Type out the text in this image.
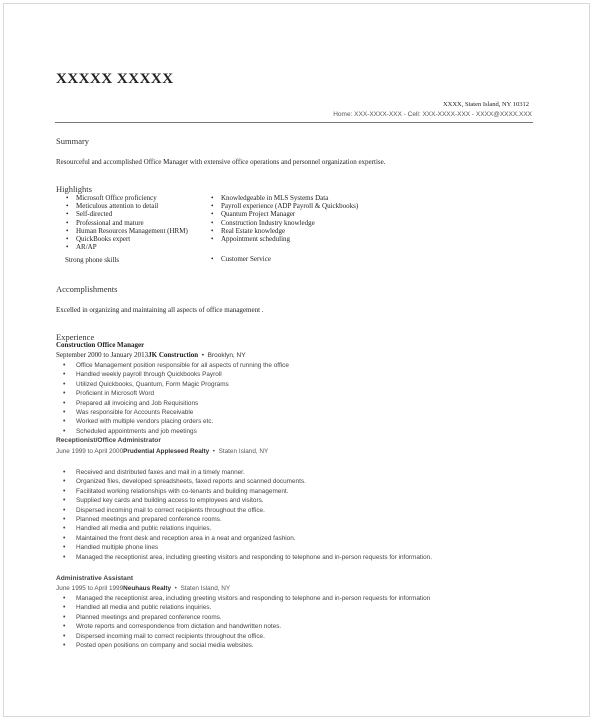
XXXXX XXXXX
XXXX, Staten Island, NY 10312
Home: XXX-XXXX-XXX - Cell: XXX-XXXX-XXX - XXXX@XXXX.XXX
Summary
Resourceful and accomplished Office Manager with extensive office operations and personnel organization expertise.
Highlights
• Microsoft Office proficiency
• Meticulous attention to detail
• Self-directed
• Professional and mature
• Human Resources Management (HRM)
• QuickBooks expert
• AR/AP
Strong phone skills
• Knowledgeable in MLS Systems Data
• Payroll experience (ADP Payroll & Quickbooks)
• Quantum Project Manager
• Construction Industry knowledge
• Real Estate knowledge
• Appointment scheduling
• Customer Service
Accomplishments
Excelled in organizing and maintaining all aspects of office management .
Experience
Construction Office Manager
September 2000 to January 2013JK Construction  •  Brooklyn, NY
• Office Management position responsible for all aspects of running the office
• Handled weekly payroll through Quickbooks Payroll
• Utilized Quickbooks, Quantum, Form Magic Programs
• Proficient in Microsoft Word
• Prepared all invoicing and Job Requisitions
• Was responsible for Accounts Receivable
• Worked with multiple vendors placing orders etc.
• Scheduled appointments and job meetings
Receptionist/Office Administrator
June 1999 to April 2000Prudential Appleseed Realty  •  Staten Island, NY
• Received and distributed faxes and mail in a timely manner.
• Organized files, developed spreadsheets, faxed reports and scanned documents.
• Facilitated working relationships with co-tenants and building management.
• Supplied key cards and building access to employees and visitors.
• Dispersed incoming mail to correct recipients throughout the office.
• Planned meetings and prepared conference rooms.
• Handled all media and public relations inquiries.
• Maintained the front desk and reception area in a neat and organized fashion.
• Handled multiple phone lines
• Managed the receptionist area, including greeting visitors and responding to telephone and in-person requests for information.
Administrative Assistant
June 1995 to April 1999Neuhaus Realty  •  Staten Island, NY
• Managed the receptionist area, including greeting visitors and responding to telephone and in-person requests for information
• Handled all media and public relations inquiries.
• Planned meetings and prepared conference rooms.
• Wrote reports and correspondence from dictation and handwritten notes.
• Dispersed incoming mail to correct recipients throughout the office.
• Posted open positions on company and social media websites.
